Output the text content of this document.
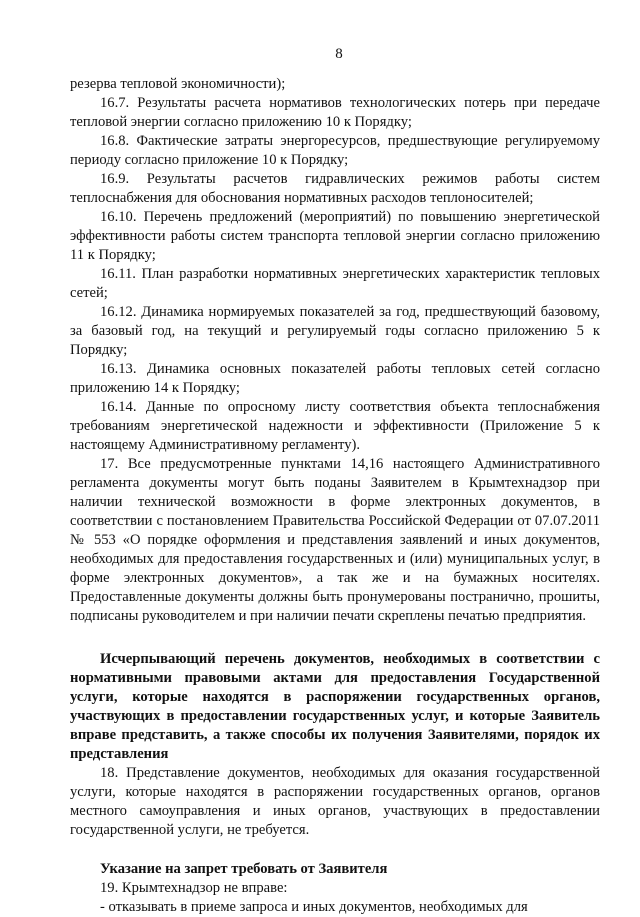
8

резерва тепловой экономичности);

16.7. Результаты расчета нормативов технологических потерь при передаче тепловой энергии согласно приложению 10 к Порядку;

16.8. Фактические затраты энергоресурсов, предшествующие регулируемому периоду согласно приложение 10 к Порядку;

16.9. Результаты расчетов гидравлических режимов работы систем теплоснабжения для обоснования нормативных расходов теплоносителей;

16.10. Перечень предложений (мероприятий) по повышению энергетической эффективности работы систем транспорта тепловой энергии согласно приложению 11 к Порядку;

16.11. План разработки нормативных энергетических характеристик тепловых сетей;

16.12. Динамика нормируемых показателей за год, предшествующий базовому, за базовый год, на текущий и регулируемый годы согласно приложению 5 к Порядку;

16.13. Динамика основных показателей работы тепловых сетей согласно приложению 14 к Порядку;

16.14. Данные по опросному листу соответствия объекта теплоснабжения требованиям энергетической надежности и эффективности (Приложение 5 к настоящему Административному регламенту).

17. Все предусмотренные пунктами 14,16 настоящего Административного регламента документы могут быть поданы Заявителем в Крымтехнадзор при наличии технической возможности в форме электронных документов, в соответствии с постановлением Правительства Российской Федерации от 07.07.2011 № 553 «О порядке оформления и представления заявлений и иных документов, необходимых для предоставления государственных и (или) муниципальных услуг, в форме электронных документов», а так же и на бумажных носителях. Предоставленные документы должны быть пронумерованы постранично, прошиты, подписаны руководителем и при наличии печати скреплены печатью предприятия.

Исчерпывающий перечень документов, необходимых в соответствии с нормативными правовыми актами для предоставления Государственной услуги, которые находятся в распоряжении государственных органов, участвующих в предоставлении государственных услуг, и которые Заявитель вправе представить, а также способы их получения Заявителями, порядок их представления

18. Представление документов, необходимых для оказания государственной услуги, которые находятся в распоряжении государственных органов, органов местного самоуправления и иных органов, участвующих в предоставлении государственной услуги, не требуется.

Указание на запрет требовать от Заявителя

19. Крымтехнадзор не вправе:

- отказывать в приеме запроса и иных документов, необходимых для
